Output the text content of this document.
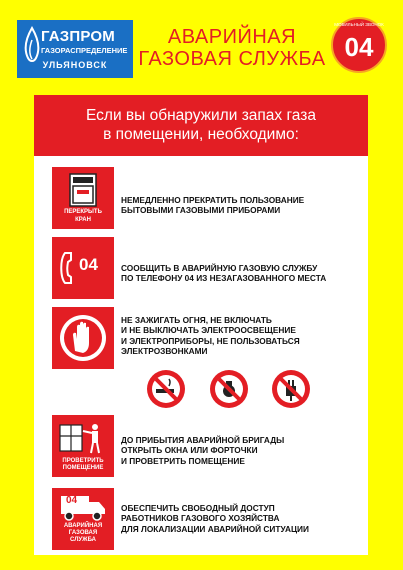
ГАЗПРОМ
ГАЗОРАСПРЕДЕЛЕНИЕ
УЛЬЯНОВСК
АВАРИЙНАЯ
ГАЗОВАЯ СЛУЖБА
МОБИЛЬНЫЙ ЗВОНОК
04
Если вы обнаружили запах газа
в помещении, необходимо:
ПЕРЕКРЫТЬ
КРАН
НЕМЕДЛЕННО ПРЕКРАТИТЬ ПОЛЬЗОВАНИЕ
БЫТОВЫМИ ГАЗОВЫМИ ПРИБОРАМИ
04	СООБЩИТЬ В АВАРИЙНУЮ ГАЗОВУЮ СЛУЖБУ
ПО ТЕЛЕФОНУ 04 ИЗ НЕЗАГАЗОВАННОГО МЕСТА
НЕ ЗАЖИГАТЬ ОГНЯ, НЕ ВКЛЮЧАТЬ
И НЕ ВЫКЛЮЧАТЬ ЭЛЕКТРООСВЕЩЕНИЕ
И ЭЛЕКТРОПРИБОРЫ, НЕ ПОЛЬЗОВАТЬСЯ
ЭЛЕКТРОЗВОНКАМИ
ПРОВЕТРИТЬ
ПОМЕЩЕНИЕ
ДО ПРИБЫТИЯ АВАРИЙНОЙ БРИГАДЫ
ОТКРЫТЬ ОКНА ИЛИ ФОРТОЧКИ
И ПРОВЕТРИТЬ ПОМЕЩЕНИЕ
04
АВАРИЙНАЯ
ГАЗОВАЯ
СЛУЖБА
ОБЕСПЕЧИТЬ СВОБОДНЫЙ ДОСТУП
РАБОТНИКОВ ГАЗОВОГО ХОЗЯЙСТВА
ДЛЯ ЛОКАЛИЗАЦИИ АВАРИЙНОЙ СИТУАЦИИ
